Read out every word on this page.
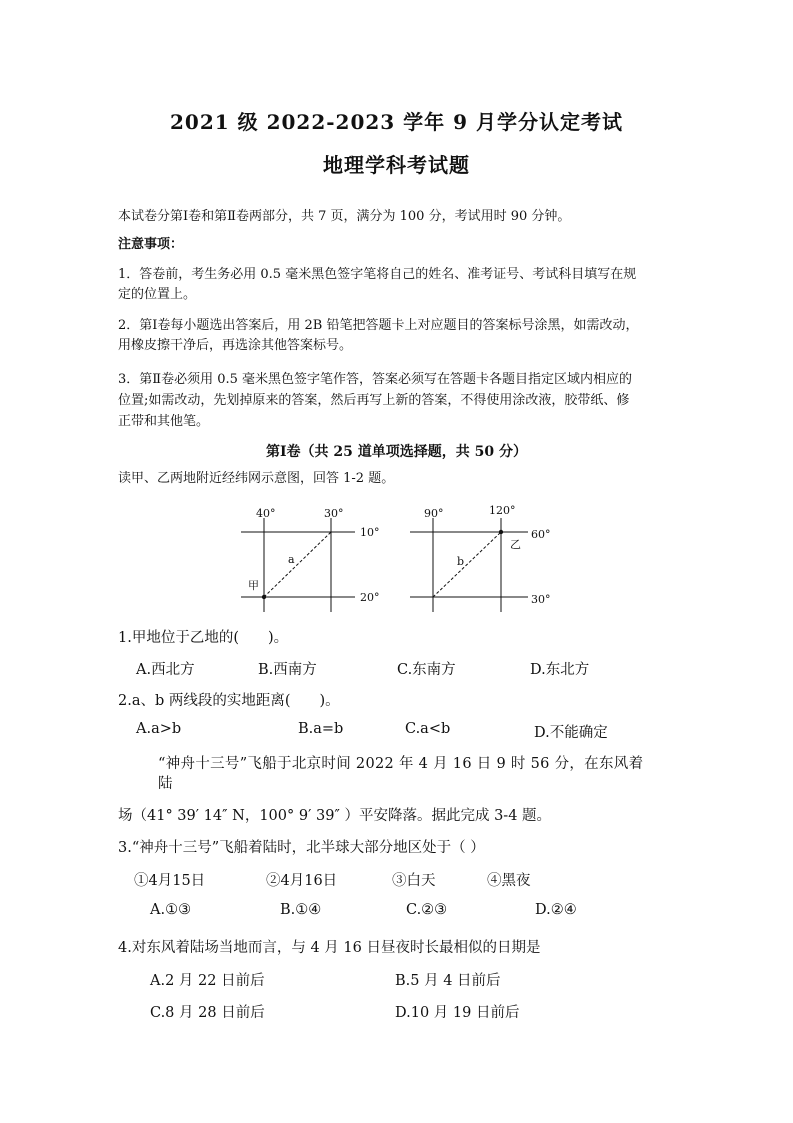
2021 级 2022-2023 学年 9 月学分认定考试
地理学科考试题
本试卷分第Ⅰ卷和第Ⅱ卷两部分，共 7 页，满分为 100 分，考试用时 90 分钟。
注意事项：
1．答卷前，考生务必用 0.5 毫米黑色签字笔将自己的姓名、准考证号、考试科目填写在规
定的位置上。
2．第Ⅰ卷每小题选出答案后，用 2B 铅笔把答题卡上对应题目的答案标号涂黑，如需改动，
用橡皮擦干净后，再选涂其他答案标号。
3．第Ⅱ卷必须用 0.5 毫米黑色签字笔作答，答案必须写在答题卡各题目指定区域内相应的
位置;如需改动，先划掉原来的答案，然后再写上新的答案，不得使用涂改液，胶带纸、修
正带和其他笔。
第Ⅰ卷（共 25 道单项选择题，共 50 分）
读甲、乙两地附近经纬网示意图，回答 1-2 题。
40°	30°
10°
20°
甲
a
90°	120°
60°
30°
乙
b
1.甲地位于乙地的(　　)。
A.西北方	B.西南方	C.东南方	D.东北方
2.a、b 两线段的实地距离(　　)。
A.a>b	B.a=b	C.a<b	D.不能确定
“神舟十三号”飞船于北京时间 2022 年 4 月 16 日 9 时 56 分，在东风着
陆
场（41° 39′ 14″ N，100° 9′ 39″ ）平安降落。据此完成 3-4 题。
3.“神舟十三号”飞船着陆时，北半球大部分地区处于（ ）
①4月15日	②4月16日	③白天	④黑夜
A.①③	B.①④	C.②③	D.②④
4.对东风着陆场当地而言，与 4 月 16 日昼夜时长最相似的日期是
A.2 月 22 日前后	B.5 月 4 日前后
C.8 月 28 日前后	D.10 月 19 日前后
